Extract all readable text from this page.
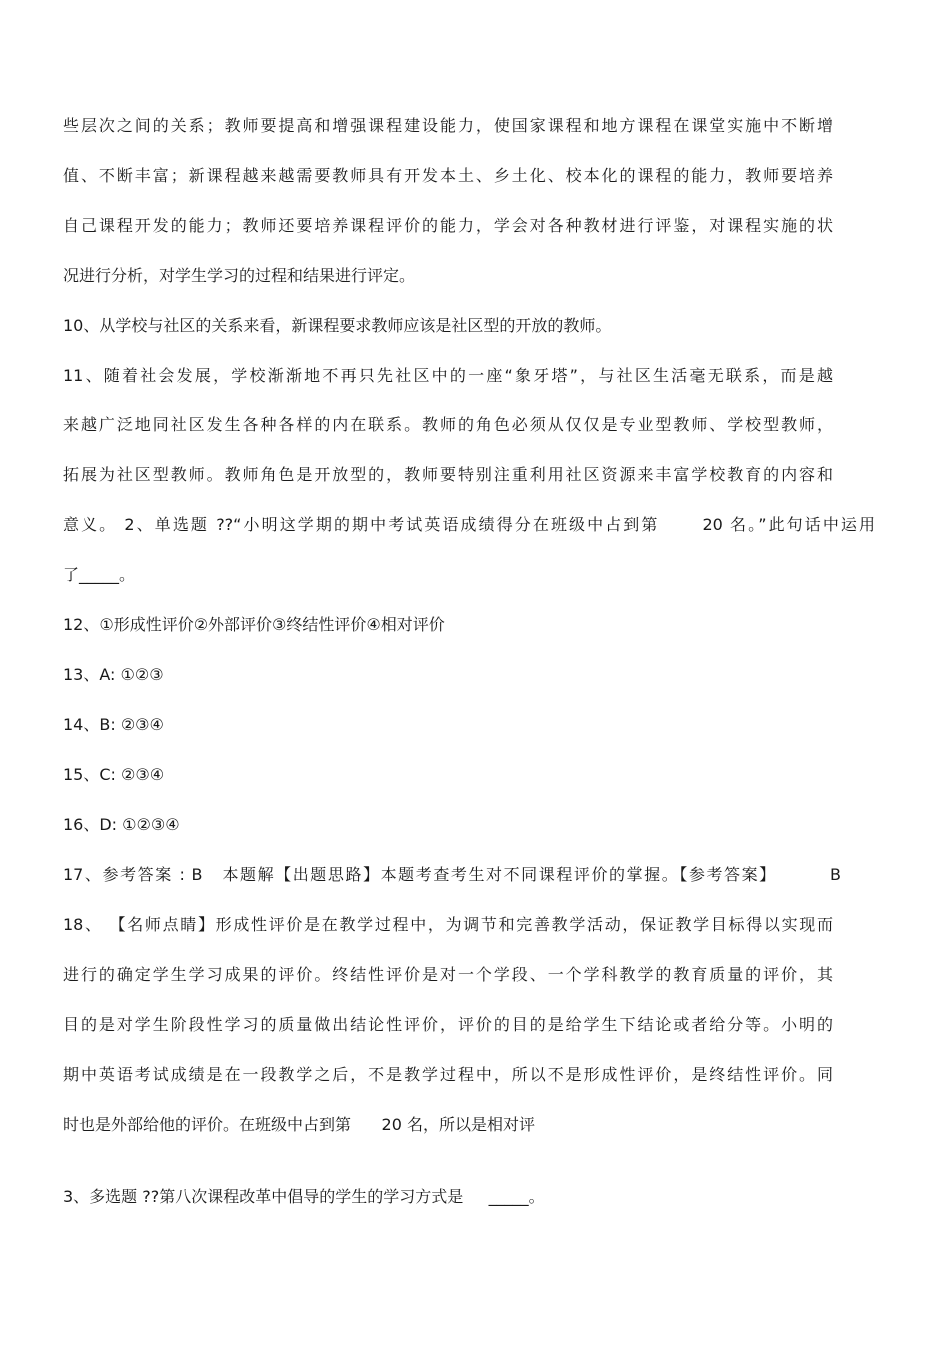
些层次之间的关系；教师要提高和增强课程建设能力，使国家课程和地方课程在课堂实施中不断增
值、不断丰富；新课程越来越需要教师具有开发本土、乡土化、校本化的课程的能力，教师要培养
自己课程开发的能力；教师还要培养课程评价的能力，学会对各种教材进行评鉴，对课程实施的状
况进行分析，对学生学习的过程和结果进行评定。
10、从学校与社区的关系来看，新课程要求教师应该是社区型的开放的教师。
11、随着社会发展，学校渐渐地不再只先社区中的一座“象牙塔”，与社区生活毫无联系，而是越
来越广泛地同社区发生各种各样的内在联系。教师的角色必须从仅仅是专业型教师、学校型教师，
拓展为社区型教师。教师角色是开放型的，教师要特别注重利用社区资源来丰富学校教育的内容和
意义。 2、单选题 ??“小明这学期的期中考试英语成绩得分在班级中占到第      20 名。”此句话中运用
了_____。
12、①形成性评价②外部评价③终结性评价④相对评价
13、A: ①②③
14、B: ②③④
15、C: ②③④
16、D: ①②③④
17、参考答案 : B   本题解【出题思路】本题考查考生对不同课程评价的掌握。【参考答案】        B
18、 【名师点睛】形成性评价是在教学过程中，为调节和完善教学活动，保证教学目标得以实现而
进行的确定学生学习成果的评价。终结性评价是对一个学段、一个学科教学的教育质量的评价，其
目的是对学生阶段性学习的质量做出结论性评价，评价的目的是给学生下结论或者给分等。小明的
期中英语考试成绩是在一段教学之后，不是教学过程中，所以不是形成性评价，是终结性评价。同
时也是外部给他的评价。在班级中占到第      20 名，所以是相对评
3、多选题 ??第八次课程改革中倡导的学生的学习方式是     _____。
